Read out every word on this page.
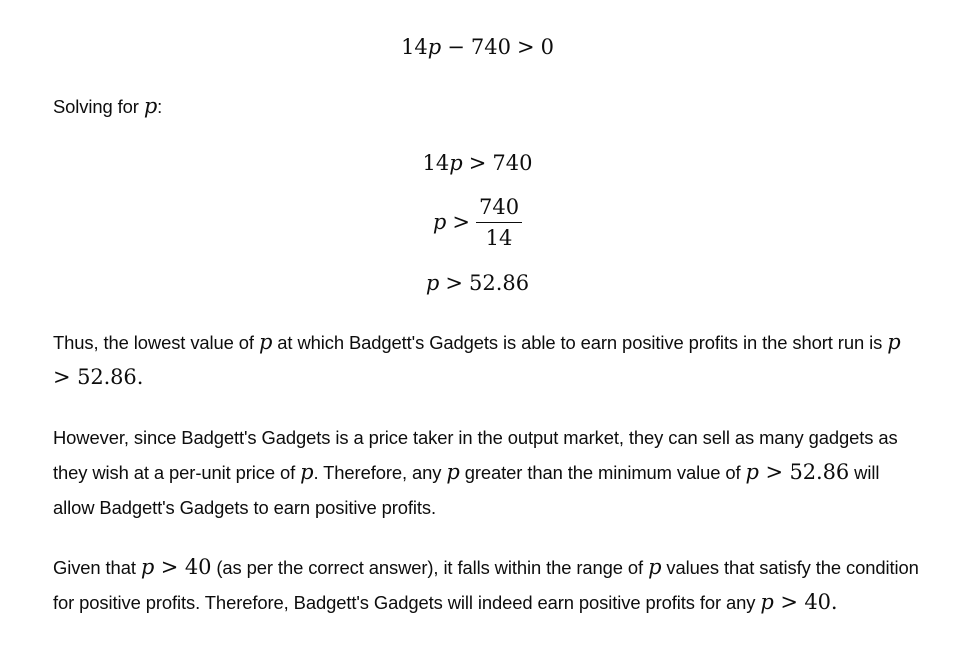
14p − 740 > 0
Solving for p:
14p > 740
$p > \frac{740}{14}$
p > 52.86
Thus, the lowest value of p at which Badgett's Gadgets is able to earn positive profits in the short run is p > 52.86.
However, since Badgett's Gadgets is a price taker in the output market, they can sell as many gadgets as they wish at a per-unit price of p. Therefore, any p greater than the minimum value of p > 52.86 will allow Badgett's Gadgets to earn positive profits.
Given that p > 40 (as per the correct answer), it falls within the range of p values that satisfy the condition for positive profits. Therefore, Badgett's Gadgets will indeed earn positive profits for any p > 40.
